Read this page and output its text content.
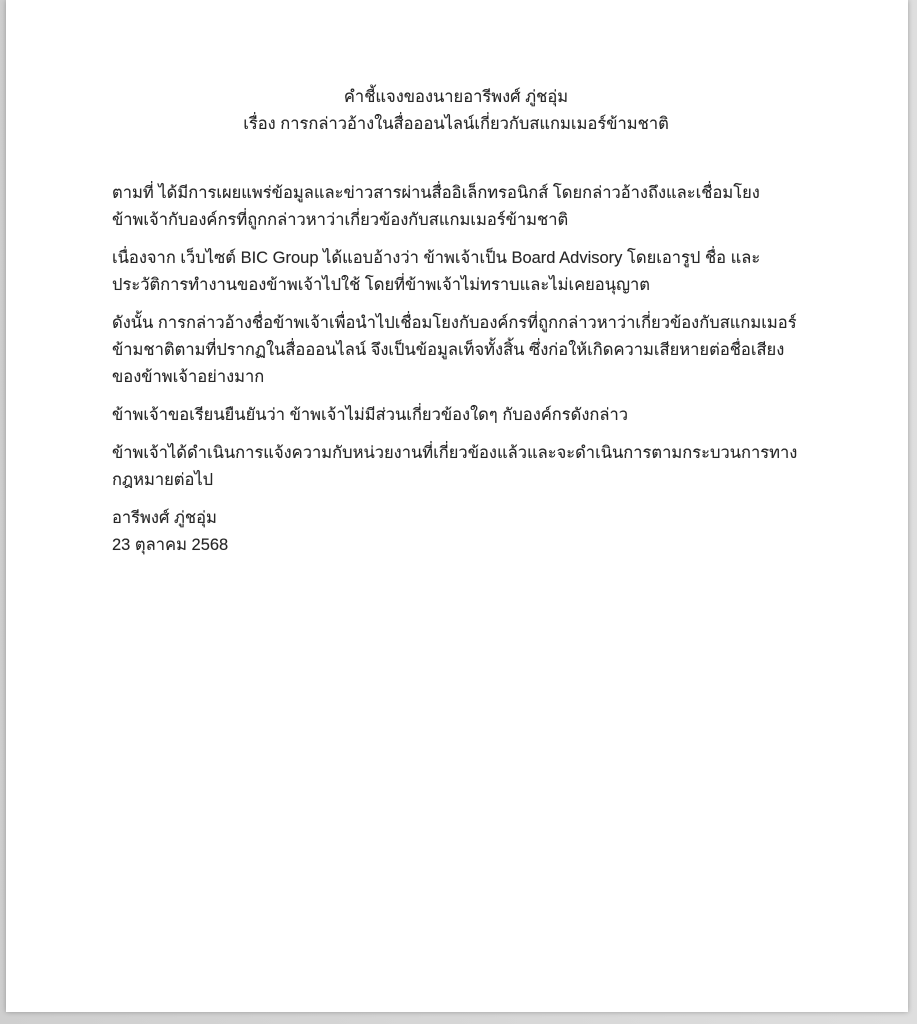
คำชี้แจงของนายอารีพงศ์ ภู่ชอุ่ม
เรื่อง การกล่าวอ้างในสื่อออนไลน์เกี่ยวกับสแกมเมอร์ข้ามชาติ

ตามที่ ได้มีการเผยแพร่ข้อมูลและข่าวสารผ่านสื่ออิเล็กทรอนิกส์ โดยกล่าวอ้างถึงและเชื่อมโยงข้าพเจ้ากับองค์กรที่ถูกกล่าวหาว่าเกี่ยวข้องกับสแกมเมอร์ข้ามชาติ

เนื่องจาก เว็บไซต์ BIC Group ได้แอบอ้างว่า ข้าพเจ้าเป็น Board Advisory โดยเอารูป ชื่อ และประวัติการทำงานของข้าพเจ้าไปใช้ โดยที่ข้าพเจ้าไม่ทราบและไม่เคยอนุญาต

ดังนั้น การกล่าวอ้างชื่อข้าพเจ้าเพื่อนำไปเชื่อมโยงกับองค์กรที่ถูกกล่าวหาว่าเกี่ยวข้องกับสแกมเมอร์ข้ามชาติตามที่ปรากฏในสื่อออนไลน์ จึงเป็นข้อมูลเท็จทั้งสิ้น ซึ่งก่อให้เกิดความเสียหายต่อชื่อเสียงของข้าพเจ้าอย่างมาก

ข้าพเจ้าขอเรียนยืนยันว่า ข้าพเจ้าไม่มีส่วนเกี่ยวข้องใดๆ กับองค์กรดังกล่าว

ข้าพเจ้าได้ดำเนินการแจ้งความกับหน่วยงานที่เกี่ยวข้องแล้วและจะดำเนินการตามกระบวนการทางกฎหมายต่อไป

อารีพงศ์ ภู่ชอุ่ม
23 ตุลาคม 2568
